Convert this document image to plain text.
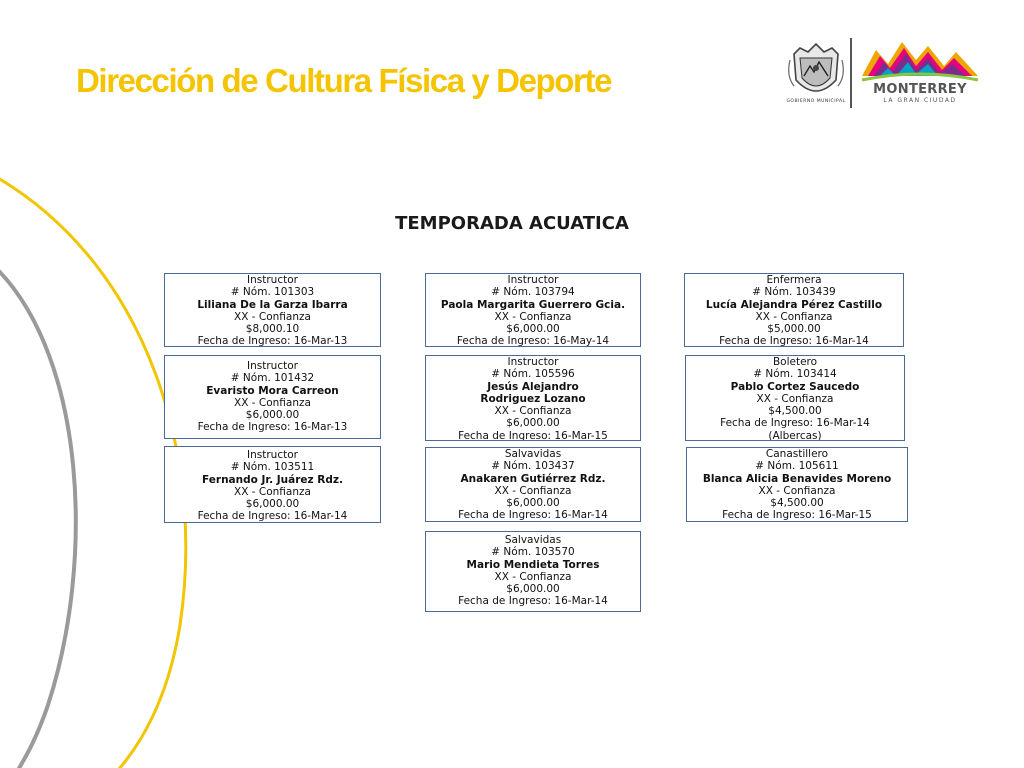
Dirección de Cultura Física y Deporte
GOBIERNO MUNICIPAL
MONTERREY
LA GRAN CIUDAD
TEMPORADA ACUATICA
Instructor
# Nóm. 101303
Liliana De la Garza Ibarra
XX - Confianza
$8,000.10
Fecha de Ingreso: 16-Mar-13
Instructor
# Nóm. 101432
Evaristo Mora Carreon
XX - Confianza
$6,000.00
Fecha de Ingreso: 16-Mar-13
Instructor
# Nóm. 103511
Fernando Jr. Juárez Rdz.
XX - Confianza
$6,000.00
Fecha de Ingreso: 16-Mar-14
Instructor
# Nóm. 103794
Paola Margarita Guerrero Gcia.
XX - Confianza
$6,000.00
Fecha de Ingreso: 16-May-14
Instructor
# Nóm. 105596
Jesús Alejandro Rodriguez Lozano
XX - Confianza
$6,000.00
Fecha de Ingreso: 16-Mar-15
Salvavidas
# Nóm. 103437
Anakaren Gutiérrez Rdz.
XX - Confianza
$6,000.00
Fecha de Ingreso: 16-Mar-14
Salvavidas
# Nóm. 103570
Mario Mendieta Torres
XX - Confianza
$6,000.00
Fecha de Ingreso: 16-Mar-14
Enfermera
# Nóm. 103439
Lucía Alejandra Pérez Castillo
XX - Confianza
$5,000.00
Fecha de Ingreso: 16-Mar-14
Boletero
# Nóm. 103414
Pablo Cortez Saucedo
XX - Confianza
$4,500.00
Fecha de Ingreso: 16-Mar-14
(Albercas)
Canastillero
# Nóm. 105611
Blanca Alicia Benavides Moreno
XX - Confianza
$4,500.00
Fecha de Ingreso: 16-Mar-15
